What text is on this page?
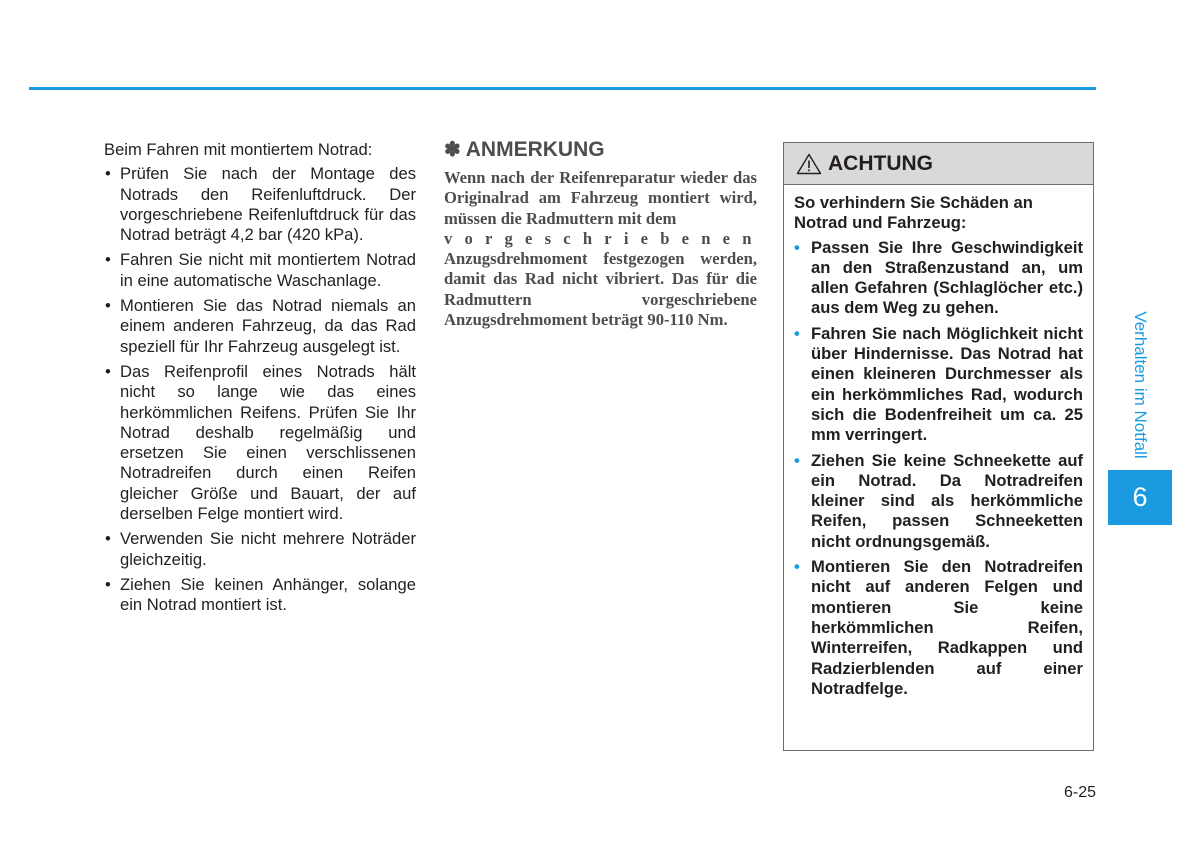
Beim Fahren mit montiertem Notrad:

• Prüfen Sie nach der Montage des Notrads den Reifenluftdruck. Der vorgeschriebene Reifenluftdruck für das Notrad beträgt 4,2 bar (420 kPa).
• Fahren Sie nicht mit montiertem Notrad in eine automatische Waschanlage.
• Montieren Sie das Notrad niemals an einem anderen Fahrzeug, da das Rad speziell für Ihr Fahrzeug ausgelegt ist.
• Das Reifenprofil eines Notrads hält nicht so lange wie das eines herkömmlichen Reifens. Prüfen Sie Ihr Notrad deshalb regelmäßig und ersetzen Sie einen verschlissenen Notradreifen durch einen Reifen gleicher Größe und Bauart, der auf derselben Felge montiert wird.
• Verwenden Sie nicht mehrere Noträder gleichzeitig.
• Ziehen Sie keinen Anhänger, solange ein Notrad montiert ist.
✽ ANMERKUNG

Wenn nach der Reifenreparatur wieder das Originalrad am Fahrzeug montiert wird, müssen die Radmuttern mit dem
vorgeschriebenen
Anzugsdrehmoment festgezogen werden, damit das Rad nicht vibriert. Das für die Radmuttern vorgeschriebene Anzugsdrehmoment beträgt 90-110 Nm.

ACHTUNG

So verhindern Sie Schäden an Notrad und Fahrzeug:

• Passen Sie Ihre Geschwindigkeit an den Straßenzustand an, um allen Gefahren (Schlaglöcher etc.) aus dem Weg zu gehen.
• Fahren Sie nach Möglichkeit nicht über Hindernisse. Das Notrad hat einen kleineren Durchmesser als ein herkömmliches Rad, wodurch sich die Bodenfreiheit um ca. 25 mm verringert.
• Ziehen Sie keine Schneekette auf ein Notrad. Da Notradreifen kleiner sind als herkömmliche Reifen, passen Schneeketten nicht ordnungsgemäß.
• Montieren Sie den Notradreifen nicht auf anderen Felgen und montieren Sie keine herkömmlichen Reifen, Winterreifen, Radkappen und Radzierblenden auf einer Notradfelge.
Verhalten im Notfall
6
6-25
